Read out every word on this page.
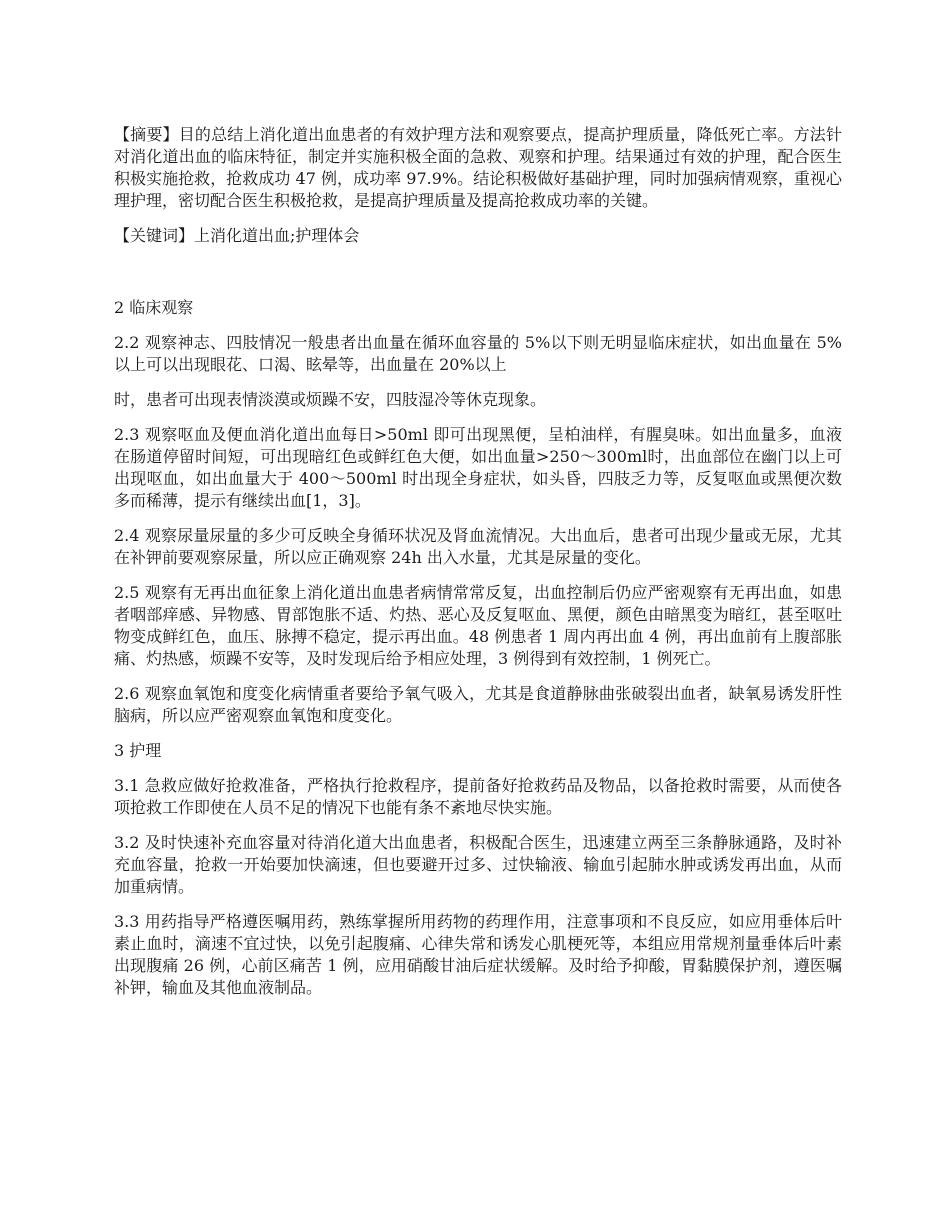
【摘要】目的总结上消化道出血患者的有效护理方法和观察要点，提高护理质量，降低死亡率。方法针对消化道出血的临床特征，制定并实施积极全面的急救、观察和护理。结果通过有效的护理，配合医生积极实施抢救，抢救成功 47 例，成功率 97.9%。结论积极做好基础护理，同时加强病情观察，重视心理护理，密切配合医生积极抢救，是提高护理质量及提高抢救成功率的关键。

【关键词】上消化道出血;护理体会

2 临床观察

2.2 观察神志、四肢情况一般患者出血量在循环血容量的 5%以下则无明显临床症状，如出血量在 5%以上可以出现眼花、口渴、眩晕等，出血量在 20%以上

时，患者可出现表情淡漠或烦躁不安，四肢湿冷等休克现象。

2.3 观察呕血及便血消化道出血每日>50ml 即可出现黑便，呈柏油样，有腥臭味。如出血量多，血液在肠道停留时间短，可出现暗红色或鲜红色大便，如出血量>250～300ml时，出血部位在幽门以上可出现呕血，如出血量大于 400～500ml 时出现全身症状，如头昏，四肢乏力等，反复呕血或黑便次数多而稀薄，提示有继续出血[1，3]。

2.4 观察尿量尿量的多少可反映全身循环状况及肾血流情况。大出血后，患者可出现少量或无尿，尤其在补钾前要观察尿量，所以应正确观察 24h 出入水量，尤其是尿量的变化。

2.5 观察有无再出血征象上消化道出血患者病情常常反复，出血控制后仍应严密观察有无再出血，如患者咽部痒感、异物感、胃部饱胀不适、灼热、恶心及反复呕血、黑便，颜色由暗黑变为暗红，甚至呕吐物变成鲜红色，血压、脉搏不稳定，提示再出血。48 例患者 1 周内再出血 4 例，再出血前有上腹部胀痛、灼热感，烦躁不安等，及时发现后给予相应处理，3 例得到有效控制，1 例死亡。

2.6 观察血氧饱和度变化病情重者要给予氧气吸入，尤其是食道静脉曲张破裂出血者，缺氧易诱发肝性脑病，所以应严密观察血氧饱和度变化。

3 护理

3.1 急救应做好抢救准备，严格执行抢救程序，提前备好抢救药品及物品，以备抢救时需要，从而使各项抢救工作即使在人员不足的情况下也能有条不紊地尽快实施。

3.2 及时快速补充血容量对待消化道大出血患者，积极配合医生，迅速建立两至三条静脉通路，及时补充血容量，抢救一开始要加快滴速，但也要避开过多、过快输液、输血引起肺水肿或诱发再出血，从而加重病情。

3.3 用药指导严格遵医嘱用药，熟练掌握所用药物的药理作用，注意事项和不良反应，如应用垂体后叶素止血时，滴速不宜过快，以免引起腹痛、心律失常和诱发心肌梗死等，本组应用常规剂量垂体后叶素出现腹痛 26 例，心前区痛苦 1 例，应用硝酸甘油后症状缓解。及时给予抑酸，胃黏膜保护剂，遵医嘱补钾，输血及其他血液制品。
